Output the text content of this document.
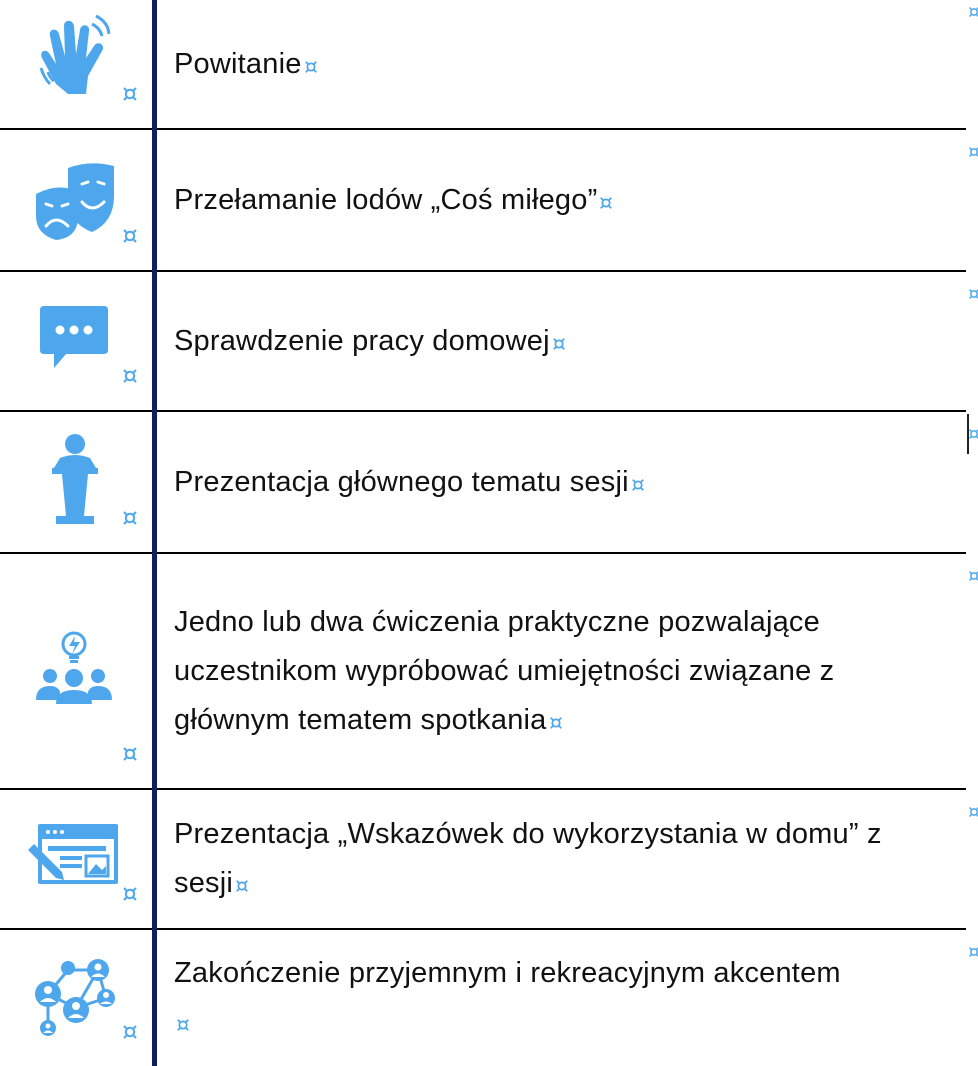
Powitanie
Przełamanie lodów „Coś miłego”
Sprawdzenie pracy domowej
Prezentacja głównego tematu sesji
Jedno lub dwa ćwiczenia praktyczne pozwalające uczestnikom wypróbować umiejętności związane z głównym tematem spotkania
Prezentacja „Wskazówek do wykorzystania w domu” z sesji
Zakończenie przyjemnym i rekreacyjnym akcentem
